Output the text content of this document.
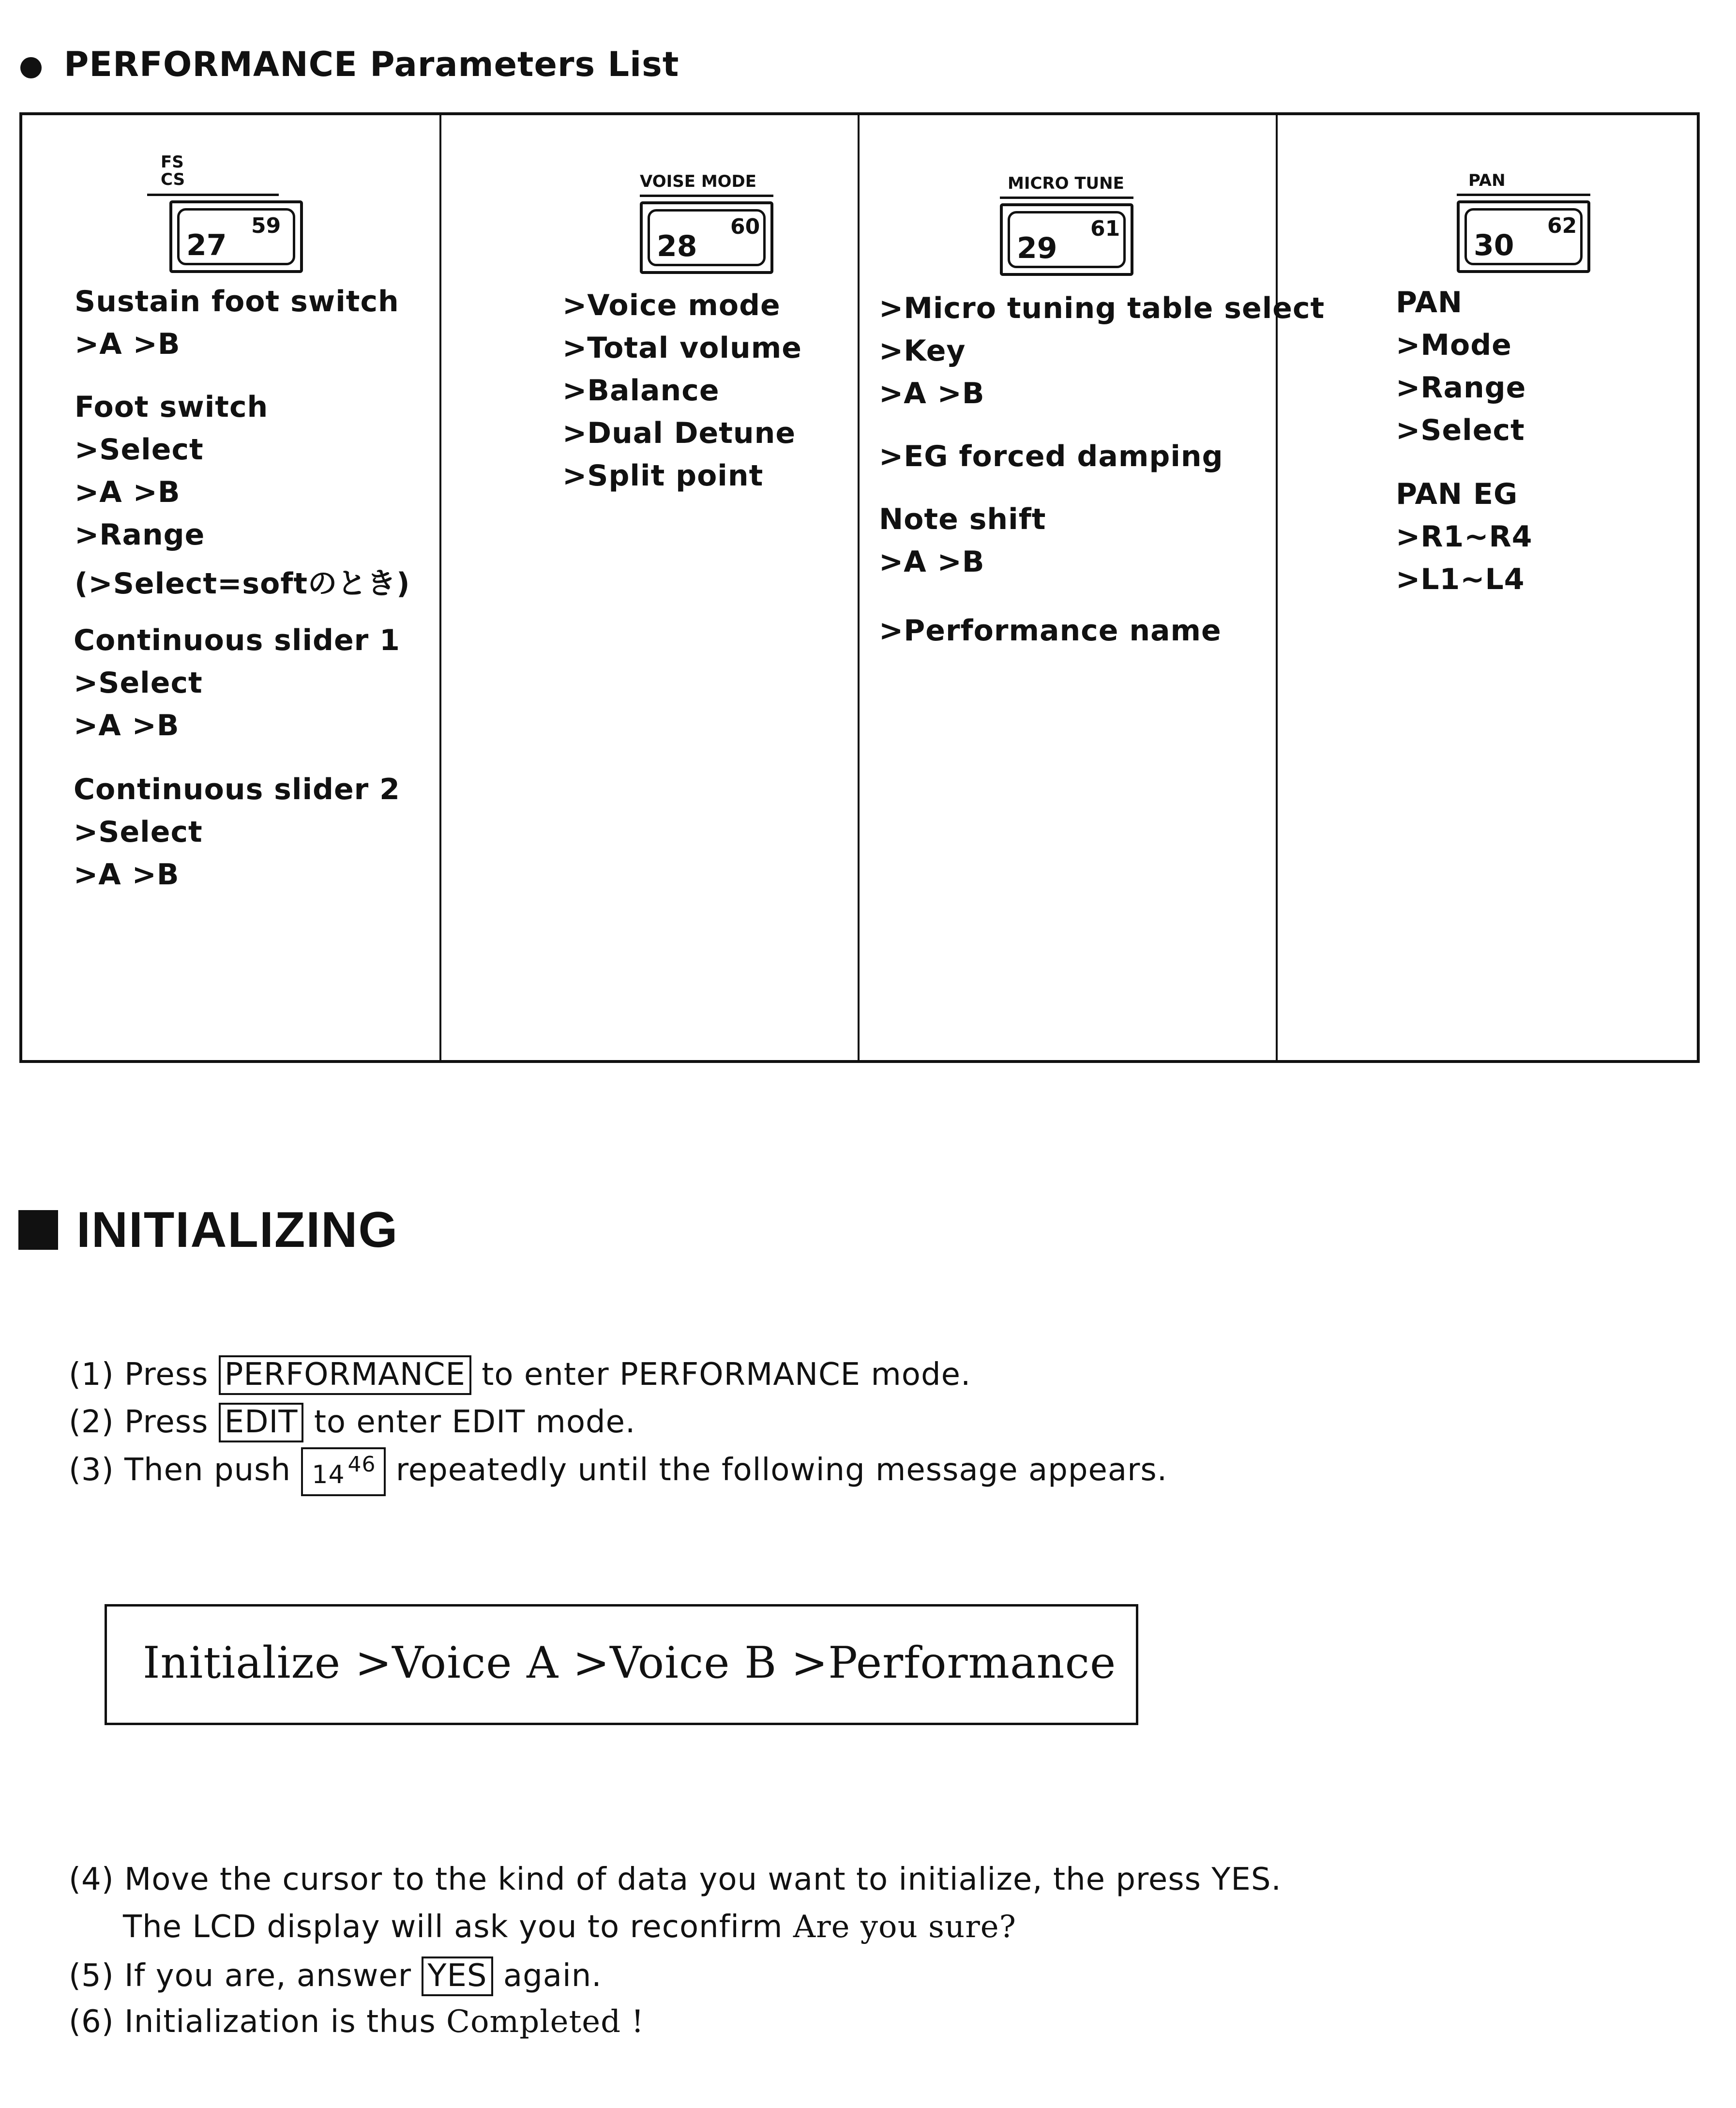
PERFORMANCE Parameters List
FS
CS
27
59
Sustain foot switch
>A >B
Foot switch
>Select
>A >B
>Range
(>Select=softのとき)
Continuous slider 1
>Select
>A >B
Continuous slider 2
>Select
>A >B
VOISE MODE
28
60
>Voice mode
>Total volume
>Balance
>Dual Detune
>Split point
MICRO TUNE
29
61
>Micro tuning table select
>Key
>A >B
>EG forced damping
Note shift
>A >B
>Performance name
PAN
30
62
PAN
>Mode
>Range
>Select
PAN EG
>R1~R4
>L1~L4
INITIALIZING
(1) Press PERFORMANCE to enter PERFORMANCE mode.
(2) Press EDIT to enter EDIT mode.
(3) Then push 14 $^{46}$ repeatedly until the following message appears.
Initialize >Voice A >Voice B >Performance
(4) Move the cursor to the kind of data you want to initialize, the press YES.
The LCD display will ask you to reconfirm Are you sure?
(5) If you are, answer YES again.
(6) Initialization is thus Completed !
